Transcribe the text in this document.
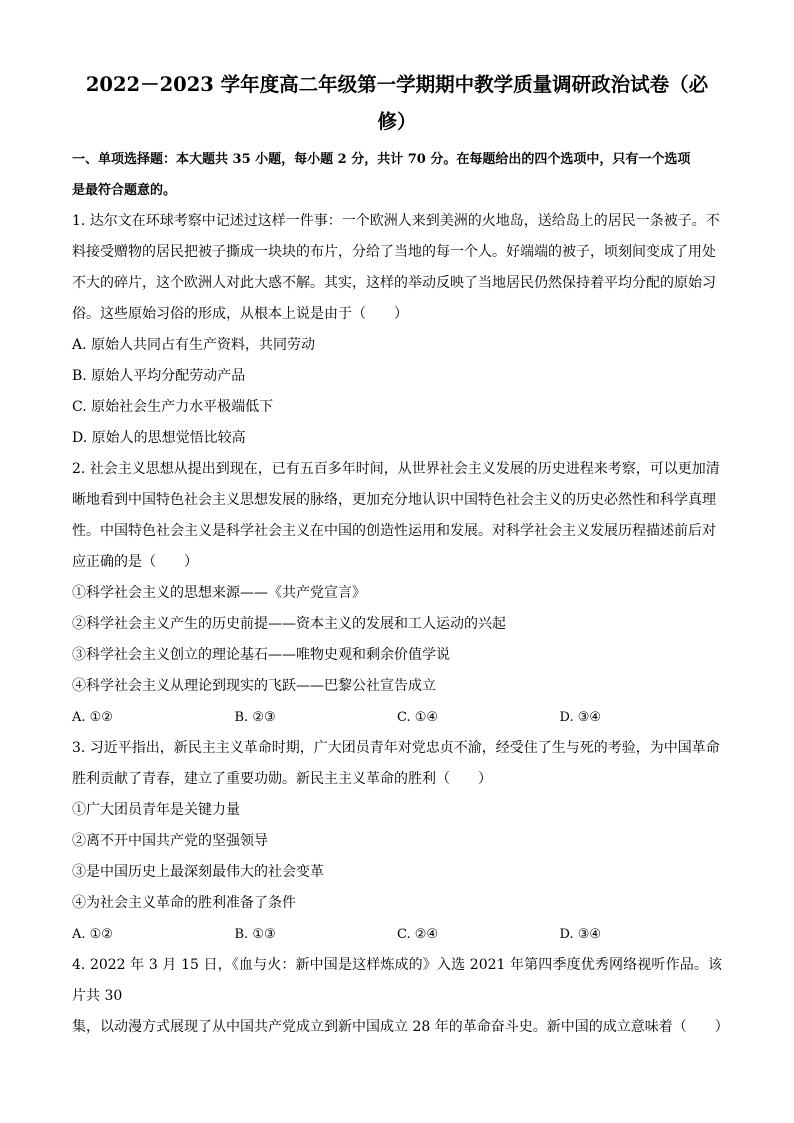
2022－2023 学年度高二年级第一学期期中教学质量调研政治试卷（必
修）
一、单项选择题：本大题共 35 小题，每小题 2 分，共计 70 分。在每题给出的四个选项中，只有一个选项
是最符合题意的。

1. 达尔文在环球考察中记述过这样一件事：一个欧洲人来到美洲的火地岛，送给岛上的居民一条被子。不

料接受赠物的居民把被子撕成一块块的布片，分给了当地的每一个人。好端端的被子，顷刻间变成了用处

不大的碎片，这个欧洲人对此大惑不解。其实，这样的举动反映了当地居民仍然保持着平均分配的原始习

俗。这些原始习俗的形成，从根本上说是由于（　　）

A. 原始人共同占有生产资料，共同劳动

B. 原始人平均分配劳动产品

C. 原始社会生产力水平极端低下

D. 原始人的思想觉悟比较高

2. 社会主义思想从提出到现在，已有五百多年时间，从世界社会主义发展的历史进程来考察，可以更加清

晰地看到中国特色社会主义思想发展的脉络，更加充分地认识中国特色社会主义的历史必然性和科学真理

性。中国特色社会主义是科学社会主义在中国的创造性运用和发展。对科学社会主义发展历程描述前后对

应正确的是（　　）

①科学社会主义的思想来源——《共产党宣言》

②科学社会主义产生的历史前提——资本主义的发展和工人运动的兴起

③科学社会主义创立的理论基石——唯物史观和剩余价值学说

④科学社会主义从理论到现实的飞跃——巴黎公社宣告成立

A. ①②	B. ②③	C. ①④	D. ③④

3. 习近平指出，新民主主义革命时期，广大团员青年对党忠贞不渝，经受住了生与死的考验，为中国革命

胜利贡献了青春，建立了重要功勋。新民主主义革命的胜利（　　）

①广大团员青年是关键力量

②离不开中国共产党的坚强领导

③是中国历史上最深刻最伟大的社会变革

④为社会主义革命的胜利准备了条件

A. ①②	B. ①③	C. ②④	D. ③④

4. 2022 年 3 月 15 日，《血与火：新中国是这样炼成的》入选 2021 年第四季度优秀网络视听作品。该片共 30

集，以动漫方式展现了从中国共产党成立到新中国成立 28 年的革命奋斗史。新中国的成立意味着（　　）
